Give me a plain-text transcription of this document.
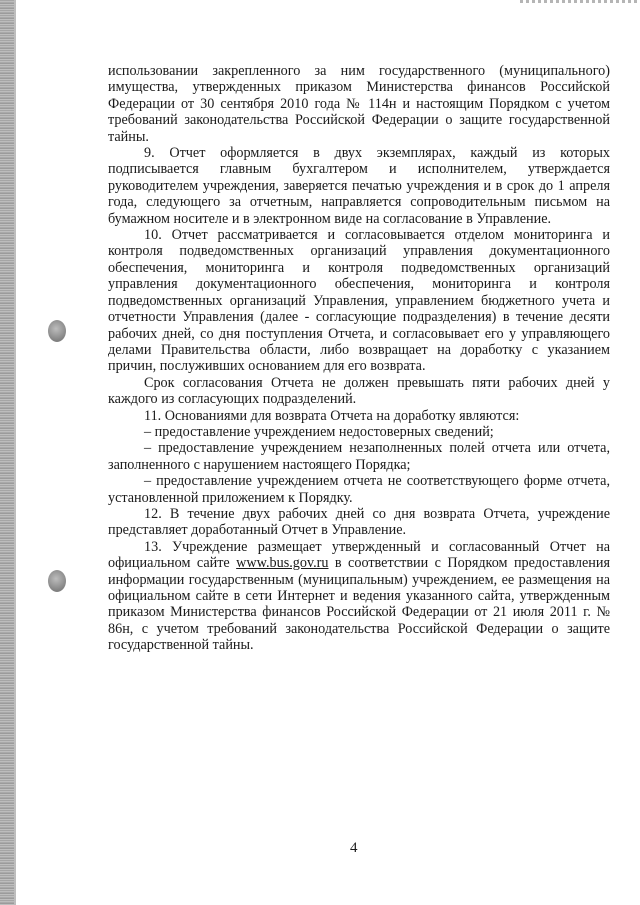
использовании закрепленного за ним государственного (муниципального) имущества, утвержденных приказом Министерства финансов Российской Федерации от 30 сентября 2010 года № 114н и настоящим Порядком с учетом требований законодательства Российской Федерации о защите государственной тайны.

9. Отчет оформляется в двух экземплярах, каждый из которых подписывается главным бухгалтером и исполнителем, утверждается руководителем учреждения, заверяется печатью учреждения и в срок до 1 апреля года, следующего за отчетным, направляется сопроводительным письмом на бумажном носителе и в электронном виде на согласование в Управление.

10. Отчет рассматривается и согласовывается отделом мониторинга и контроля подведомственных организаций управления документационного обеспечения, мониторинга и контроля подведомственных организаций управления документационного обеспечения, мониторинга и контроля подведомственных организаций Управления, управлением бюджетного учета и отчетности Управления (далее - согласующие подразделения) в течение десяти рабочих дней, со дня поступления Отчета, и согласовывает его у управляющего делами Правительства области, либо возвращает на доработку с указанием причин, послуживших основанием для его возврата.

Срок согласования Отчета не должен превышать пяти рабочих дней у каждого из согласующих подразделений.

11. Основаниями для возврата Отчета на доработку являются:

– предоставление учреждением недостоверных сведений;

– предоставление учреждением незаполненных полей отчета или отчета, заполненного с нарушением настоящего Порядка;

– предоставление учреждением отчета не соответствующего форме отчета, установленной приложением к Порядку.

12. В течение двух рабочих дней со дня возврата Отчета, учреждение представляет доработанный Отчет в Управление.

13. Учреждение размещает утвержденный и согласованный Отчет на официальном сайте www.bus.gov.ru в соответствии с Порядком предоставления информации государственным (муниципальным) учреждением, ее размещения на официальном сайте в сети Интернет и ведения указанного сайта, утвержденным приказом Министерства финансов Российской Федерации от 21 июля 2011 г. № 86н, с учетом требований законодательства Российской Федерации о защите государственной тайны.

4
